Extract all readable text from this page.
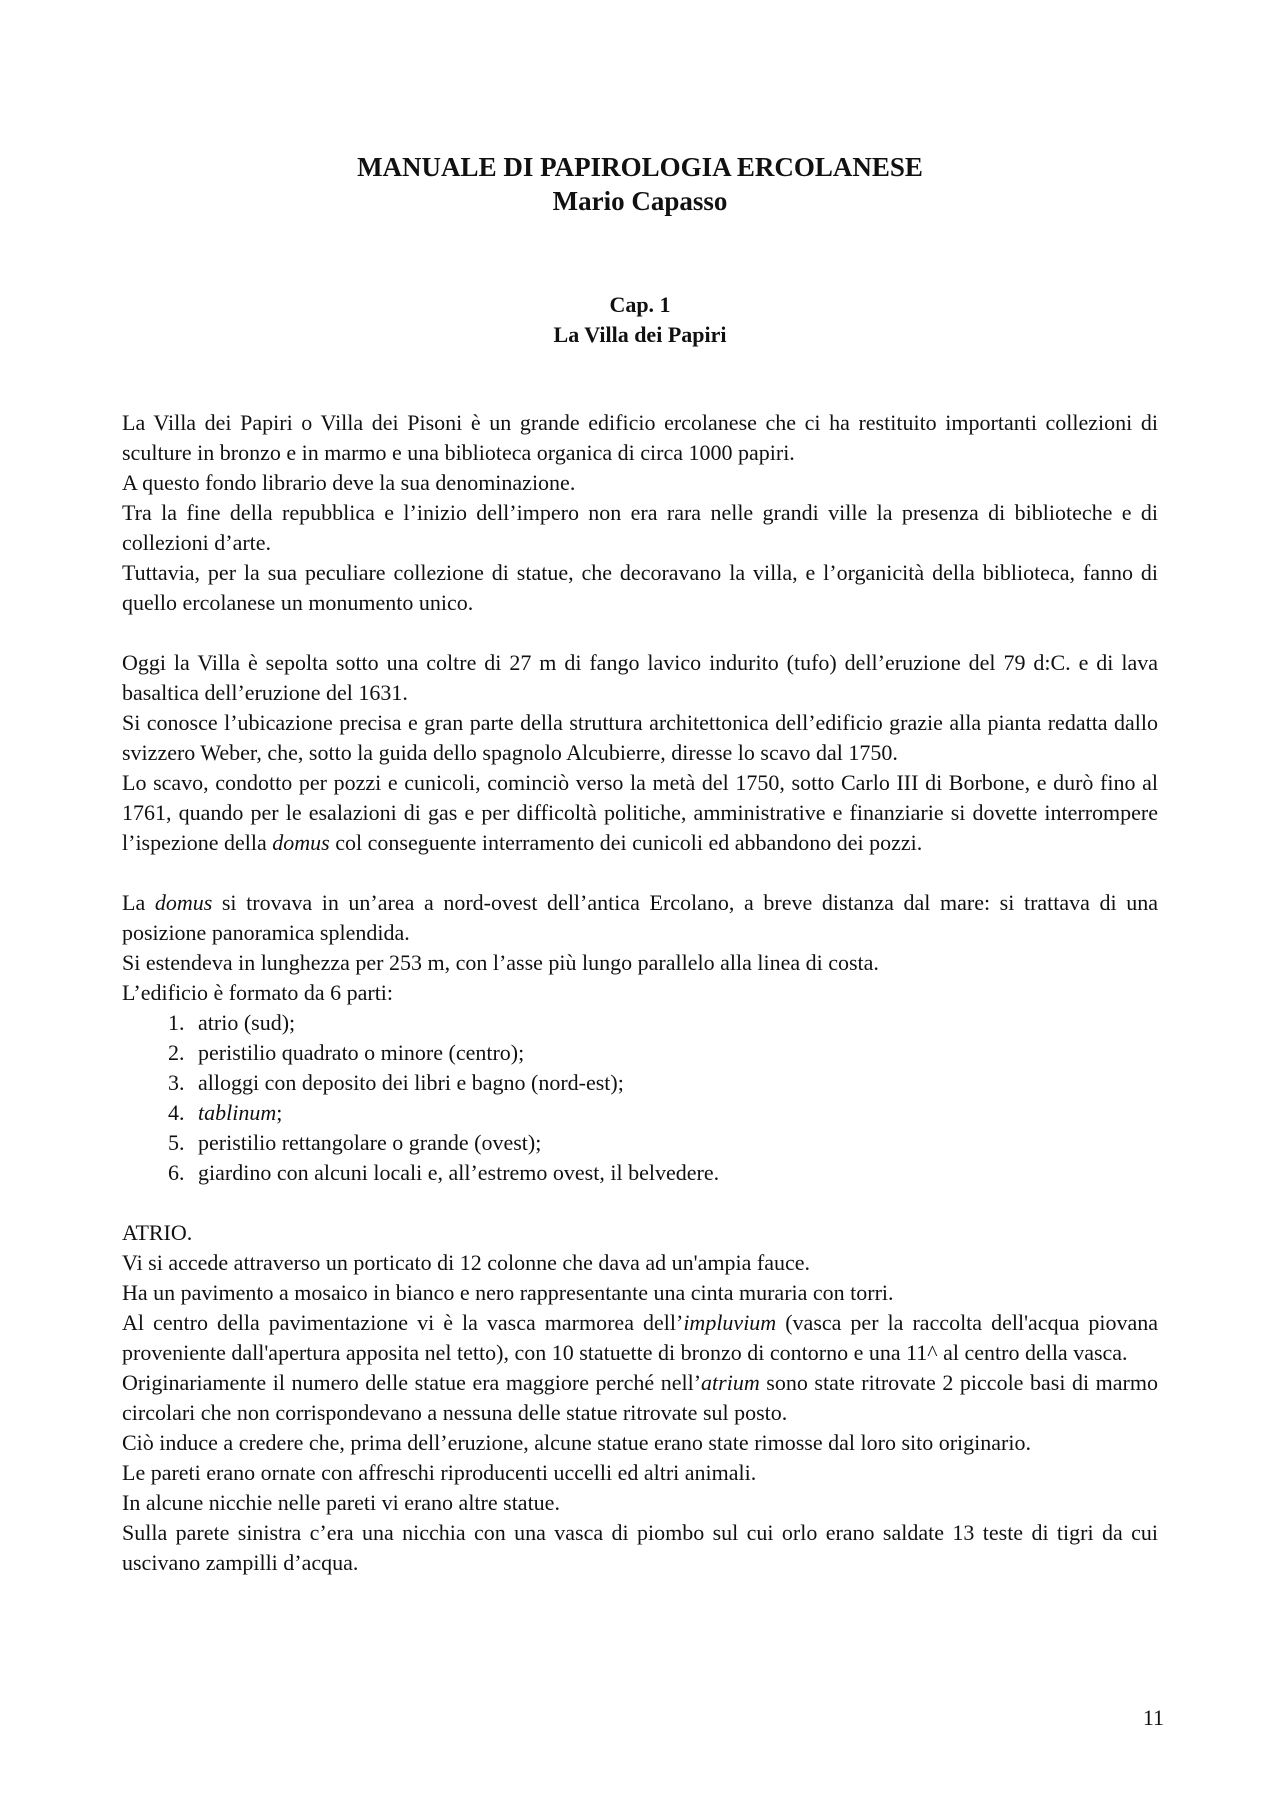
MANUALE DI PAPIROLOGIA ERCOLANESE
Mario Capasso
Cap. 1
La Villa dei Papiri

La Villa dei Papiri o Villa dei Pisoni è un grande edificio ercolanese che ci ha restituito importanti collezioni di sculture in bronzo e in marmo e una biblioteca organica di circa 1000 papiri.

A questo fondo librario deve la sua denominazione.

Tra la fine della repubblica e l’inizio dell’impero non era rara nelle grandi ville la presenza di biblioteche e di collezioni d’arte.

Tuttavia, per la sua peculiare collezione di statue, che decoravano la villa, e l’organicità della biblioteca, fanno di quello ercolanese un monumento unico.

Oggi la Villa è sepolta sotto una coltre di 27 m di fango lavico indurito (tufo) dell’eruzione del 79 d:C. e di lava basaltica dell’eruzione del 1631.

Si conosce l’ubicazione precisa e gran parte della struttura architettonica dell’edificio grazie alla pianta redatta dallo svizzero Weber, che, sotto la guida dello spagnolo Alcubierre, diresse lo scavo dal 1750.

Lo scavo, condotto per pozzi e cunicoli, cominciò verso la metà del 1750, sotto Carlo III di Borbone, e durò fino al 1761, quando per le esalazioni di gas e per difficoltà politiche, amministrative e finanziarie si dovette interrompere l’ispezione della domus col conseguente interramento dei cunicoli ed abbandono dei pozzi.

La domus si trovava in un’area a nord-ovest dell’antica Ercolano, a breve distanza dal mare: si trattava di una posizione panoramica splendida.

Si estendeva in lunghezza per 253 m, con l’asse più lungo parallelo alla linea di costa.

L’edificio è formato da 6 parti:

1. atrio (sud);
2. peristilio quadrato o minore (centro);
3. alloggi con deposito dei libri e bagno (nord-est);
4. tablinum;
5. peristilio rettangolare o grande (ovest);
6. giardino con alcuni locali e, all’estremo ovest, il belvedere.

ATRIO.

Vi si accede attraverso un porticato di 12 colonne che dava ad un'ampia fauce.

Ha un pavimento a mosaico in bianco e nero rappresentante una cinta muraria con torri.

Al centro della pavimentazione vi è la vasca marmorea dell’impluvium (vasca per la raccolta dell'acqua piovana proveniente dall'apertura apposita nel tetto), con 10 statuette di bronzo di contorno e una 11^ al centro della vasca.

Originariamente il numero delle statue era maggiore perché nell’atrium sono state ritrovate 2 piccole basi di marmo circolari che non corrispondevano a nessuna delle statue ritrovate sul posto.

Ciò induce a credere che, prima dell’eruzione, alcune statue erano state rimosse dal loro sito originario.

Le pareti erano ornate con affreschi riproducenti uccelli ed altri animali.

In alcune nicchie nelle pareti vi erano altre statue.

Sulla parete sinistra c’era una nicchia con una vasca di piombo sul cui orlo erano saldate 13 teste di tigri da cui uscivano zampilli d’acqua.

11
